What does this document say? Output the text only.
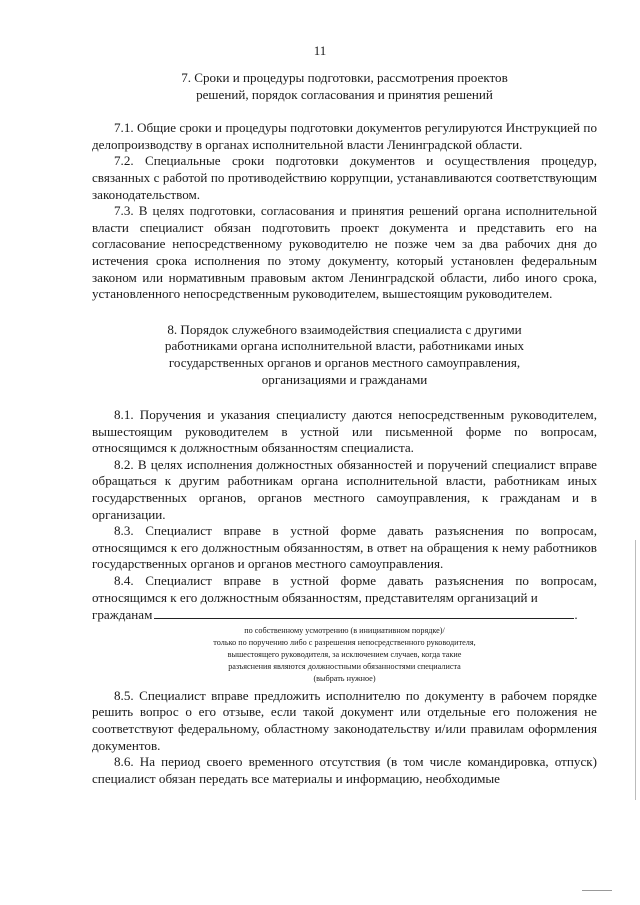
11

7. Сроки и процедуры подготовки, рассмотрения проектов

решений, порядок согласования и принятия решений

7.1. Общие сроки и процедуры подготовки документов регулируются Инструкцией по делопроизводству в органах исполнительной власти Ленинградской области.

7.2. Специальные сроки подготовки документов и осуществления процедур, связанных с работой по противодействию коррупции, устанавливаются соответствующим законодательством.

7.3. В целях подготовки, согласования и принятия решений органа исполнительной власти специалист обязан подготовить проект документа и представить его на согласование непосредственному руководителю не позже чем за два рабочих дня до истечения срока исполнения по этому документу, который установлен федеральным законом или нормативным правовым актом Ленинградской области, либо иного срока, установленного непосредственным руководителем, вышестоящим руководителем.

8. Порядок служебного взаимодействия специалиста с другими

работниками органа исполнительной власти, работниками иных

государственных органов и органов местного самоуправления,

организациями и гражданами

8.1. Поручения и указания специалисту даются непосредственным руководителем, вышестоящим руководителем в устной или письменной форме по вопросам, относящимся к должностным обязанностям специалиста.

8.2. В целях исполнения должностных обязанностей и поручений специалист вправе обращаться к другим работникам органа исполнительной власти, работникам иных государственных органов, органов местного самоуправления, к гражданам и в организации.

8.3. Специалист вправе в устной форме давать разъяснения по вопросам, относящимся к его должностным обязанностям, в ответ на обращения к нему работников государственных органов и органов местного самоуправления.

8.4. Специалист вправе в устной форме давать разъяснения по вопросам, относящимся к его должностным обязанностям, представителям организаций и

гражданам	.

по собственному усмотрению (в инициативном порядке)/
только по поручению либо с разрешения непосредственного руководителя,
вышестоящего руководителя, за исключением случаев, когда такие
разъяснения являются должностными обязанностями специалиста
(выбрать нужное)

8.5. Специалист вправе предложить исполнителю по документу в рабочем порядке решить вопрос о его отзыве, если такой документ или отдельные его положения не соответствуют федеральному, областному законодательству и/или правилам оформления документов.

8.6. На период своего временного отсутствия (в том числе командировка, отпуск) специалист обязан передать все материалы и информацию, необходимые
